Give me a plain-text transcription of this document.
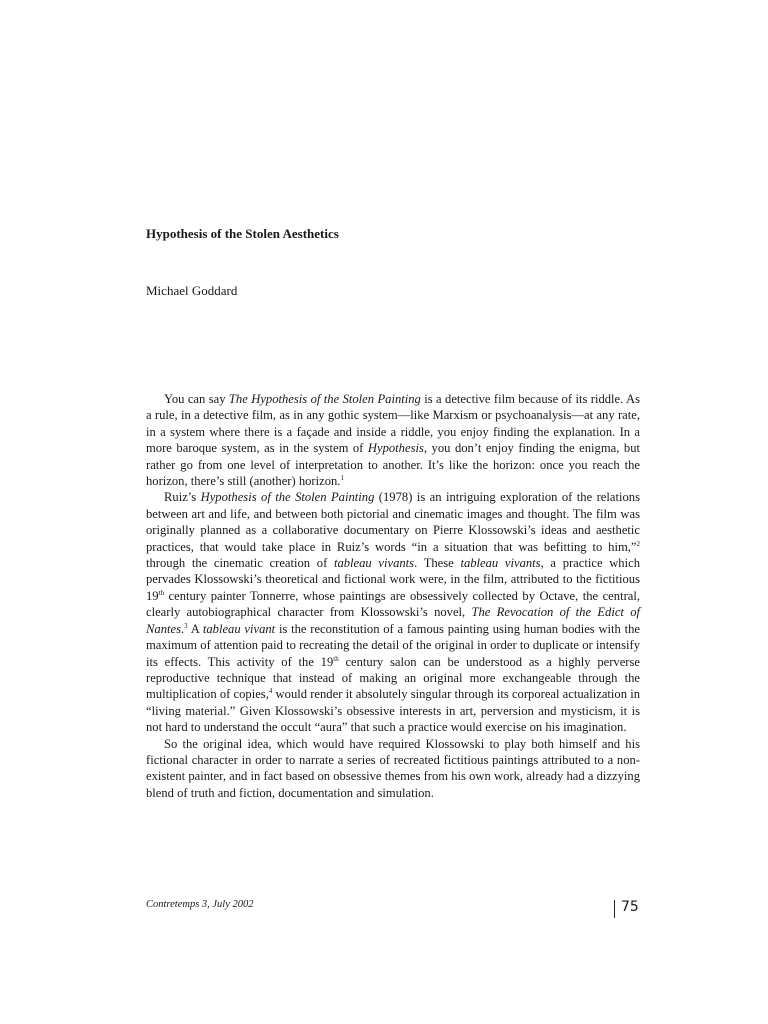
Hypothesis of the Stolen Aesthetics
Michael Goddard

You can say The Hypothesis of the Stolen Painting is a detective film because of its riddle. As a rule, in a detective film, as in any gothic system—like Marxism or psychoanalysis—at any rate, in a system where there is a façade and inside a riddle, you enjoy finding the explanation. In a more baroque system, as in the system of Hypothesis, you don’t enjoy finding the enigma, but rather go from one level of interpretation to another. It’s like the horizon: once you reach the horizon, there’s still (another) horizon.$^1$

Ruiz’s Hypothesis of the Stolen Painting (1978) is an intriguing exploration of the relations between art and life, and between both pictorial and cinematic images and thought. The film was originally planned as a collaborative documentary on Pierre Klossowski’s ideas and aesthetic practices, that would take place in Ruiz’s words “in a situation that was befitting to him,”$^2$ through the cinematic creation of tableau vivants. These tableau vivants, a practice which pervades Klossowski’s theoretical and fictional work were, in the film, attributed to the fictitious 19th century painter Tonnerre, whose paintings are obsessively collected by Octave, the central, clearly autobiographical character from Klossowski’s novel, The Revocation of the Edict of Nantes.$^3$ A tableau vivant is the reconstitution of a famous painting using human bodies with the maximum of attention paid to recreating the detail of the original in order to duplicate or intensify its effects. This activity of the 19th century salon can be understood as a highly perverse reproductive technique that instead of making an original more exchangeable through the multiplication of copies,$^4$ would render it absolutely singular through its corporeal actualization in “living material.” Given Klossowski’s obsessive interests in art, perversion and mysticism, it is not hard to understand the occult “aura” that such a practice would exercise on his imagination.

So the original idea, which would have required Klossowski to play both himself and his fictional character in order to narrate a series of recreated fictitious paintings attributed to a non-existent painter, and in fact based on obsessive themes from his own work, already had a dizzying blend of truth and fiction, documentation and simulation.

Contretemps 3, July 2002	75
